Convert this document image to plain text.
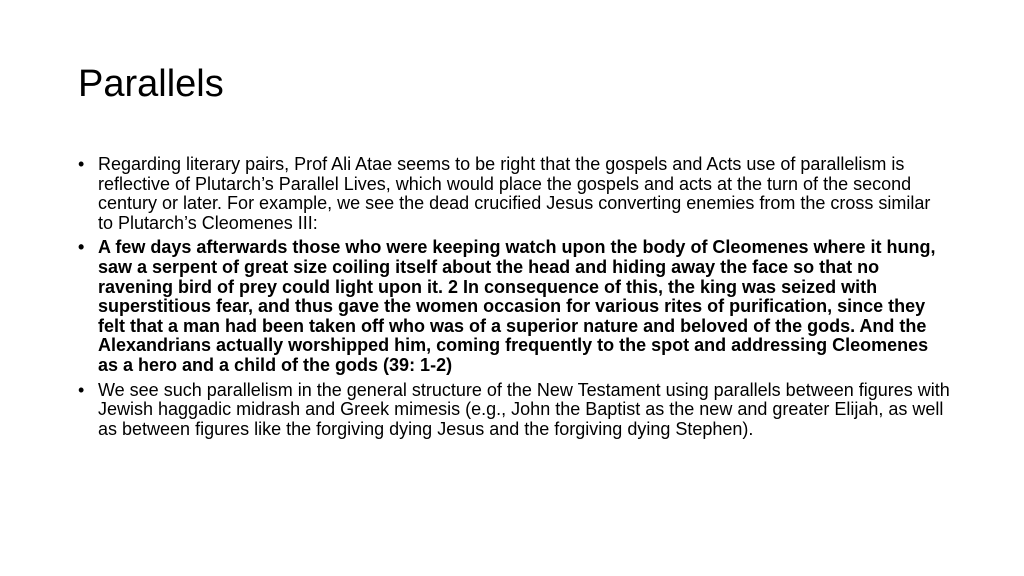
Parallels
• Regarding literary pairs, Prof Ali Atae seems to be right that the gospels and Acts use of parallelism is reflective of Plutarch’s Parallel Lives, which would place the gospels and acts at the turn of the second century or later. For example, we see the dead crucified Jesus converting enemies from the cross similar to Plutarch’s Cleomenes III:
• A few days afterwards those who were keeping watch upon the body of Cleomenes where it hung, saw a serpent of great size coiling itself about the head and hiding away the face so that no ravening bird of prey could light upon it. 2 In consequence of this, the king was seized with superstitious fear, and thus gave the women occasion for various rites of purification, since they felt that a man had been taken off who was of a superior nature and beloved of the gods. And the Alexandrians actually worshipped him, coming frequently to the spot and addressing Cleomenes as a hero and a child of the gods (39: 1-2)
• We see such parallelism in the general structure of the New Testament using parallels between figures with Jewish haggadic midrash and Greek mimesis (e.g., John the Baptist as the new and greater Elijah, as well as between figures like the forgiving dying Jesus and the forgiving dying Stephen).
